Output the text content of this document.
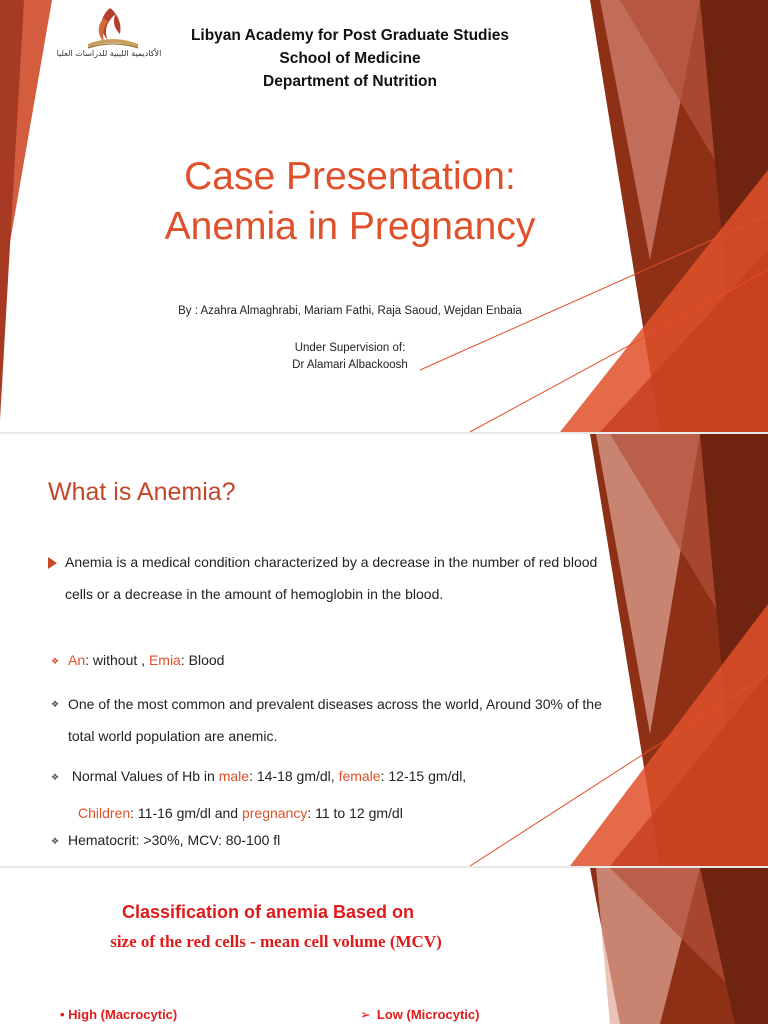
الأكاديمية الليبية للدراسات العليا
Libyan Academy for Post Graduate Studies
School of Medicine
Department of Nutrition
Case Presentation:
Anemia in Pregnancy
By : Azahra Almaghrabi, Mariam Fathi, Raja Saoud, Wejdan Enbaia
Under Supervision of:
Dr Alamari Albackoosh
What is Anemia?
Anemia is a medical condition characterized by a decrease in the number of red blood cells or a decrease in the amount of hemoglobin in the blood.
❖ An: without , Emia: Blood
❖ One of the most common and prevalent diseases across the world, Around 30% of the total world population are anemic.
❖ Normal Values of Hb in male: 14-18 gm/dl, female: 12-15 gm/dl,
Children: 11-16 gm/dl and pregnancy: 11 to 12 gm/dl
❖ Hematocrit: >30%, MCV: 80-100 fl
Classification of anemia Based on
size of the red cells - mean cell volume (MCV)
• High (Macrocytic)	➢ Low (Microcytic)
